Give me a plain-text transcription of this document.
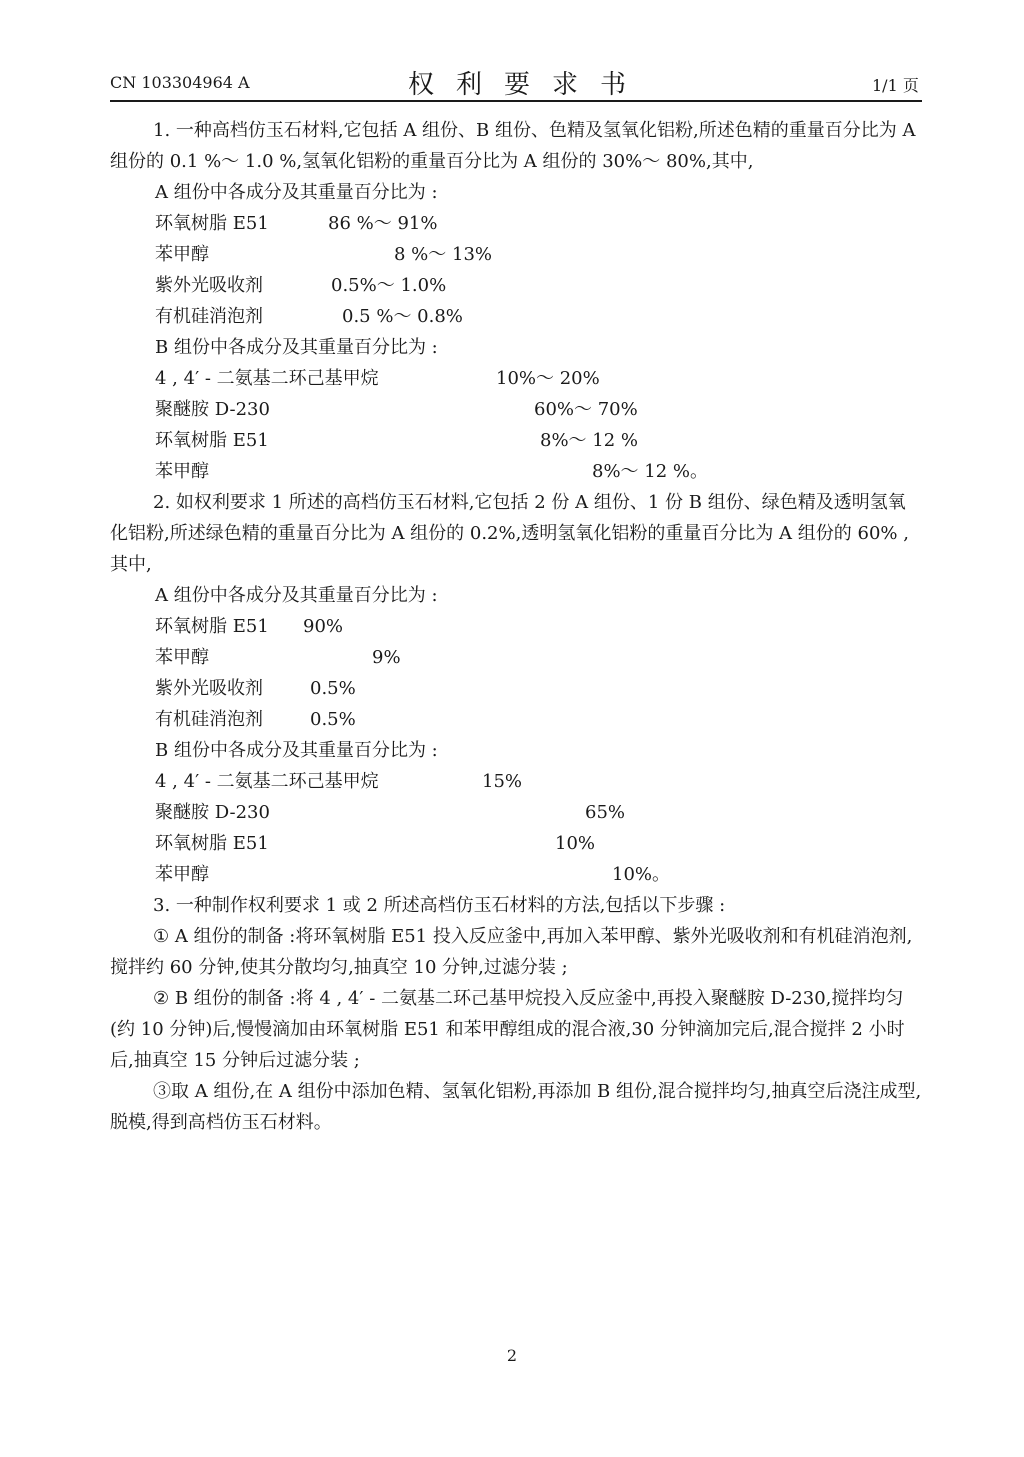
CN 103304964 A	权利要求书	1/1 页

1. 一种高档仿玉石材料,它包括 A 组份、B 组份、色精及氢氧化铝粉,所述色精的重量百分比为 A 组份的 0.1 %～ 1.0 %,氢氧化铝粉的重量百分比为 A 组份的 30%～ 80%,其中,

A 组份中各成分及其重量百分比为 :
环氧树脂 E51	86 %～ 91%
苯甲醇	8 %～ 13%
紫外光吸收剂	0.5%～ 1.0%
有机硅消泡剂	0.5 %～ 0.8%
B 组份中各成分及其重量百分比为 :
4 , 4′ - 二氨基二环己基甲烷	10%～ 20%
聚醚胺 D-230	60%～ 70%
环氧树脂 E51	8%～ 12 %
苯甲醇	8%～ 12 %。

2. 如权利要求 1 所述的高档仿玉石材料,它包括 2 份 A 组份、1 份 B 组份、绿色精及透明氢氧化铝粉,所述绿色精的重量百分比为 A 组份的 0.2%,透明氢氧化铝粉的重量百分比为 A 组份的 60% ,其中,

A 组份中各成分及其重量百分比为 :
环氧树脂 E51 90%
苯甲醇	9%
紫外光吸收剂	0.5%
有机硅消泡剂	0.5%
B 组份中各成分及其重量百分比为 :
4 , 4′ - 二氨基二环己基甲烷	15%
聚醚胺 D-230	65%
环氧树脂 E51	10%
苯甲醇	10%。

3. 一种制作权利要求 1 或 2 所述高档仿玉石材料的方法,包括以下步骤 :

① A 组份的制备 :将环氧树脂 E51 投入反应釜中,再加入苯甲醇、紫外光吸收剂和有机硅消泡剂,搅拌约 60 分钟,使其分散均匀,抽真空 10 分钟,过滤分装 ;

② B 组份的制备 :将 4 , 4′ - 二氨基二环己基甲烷投入反应釜中,再投入聚醚胺 D-230,搅拌均匀(约 10 分钟)后,慢慢滴加由环氧树脂 E51 和苯甲醇组成的混合液,30 分钟滴加完后,混合搅拌 2 小时后,抽真空 15 分钟后过滤分装 ;

③取 A 组份,在 A 组份中添加色精、氢氧化铝粉,再添加 B 组份,混合搅拌均匀,抽真空后浇注成型,脱模,得到高档仿玉石材料。

2
